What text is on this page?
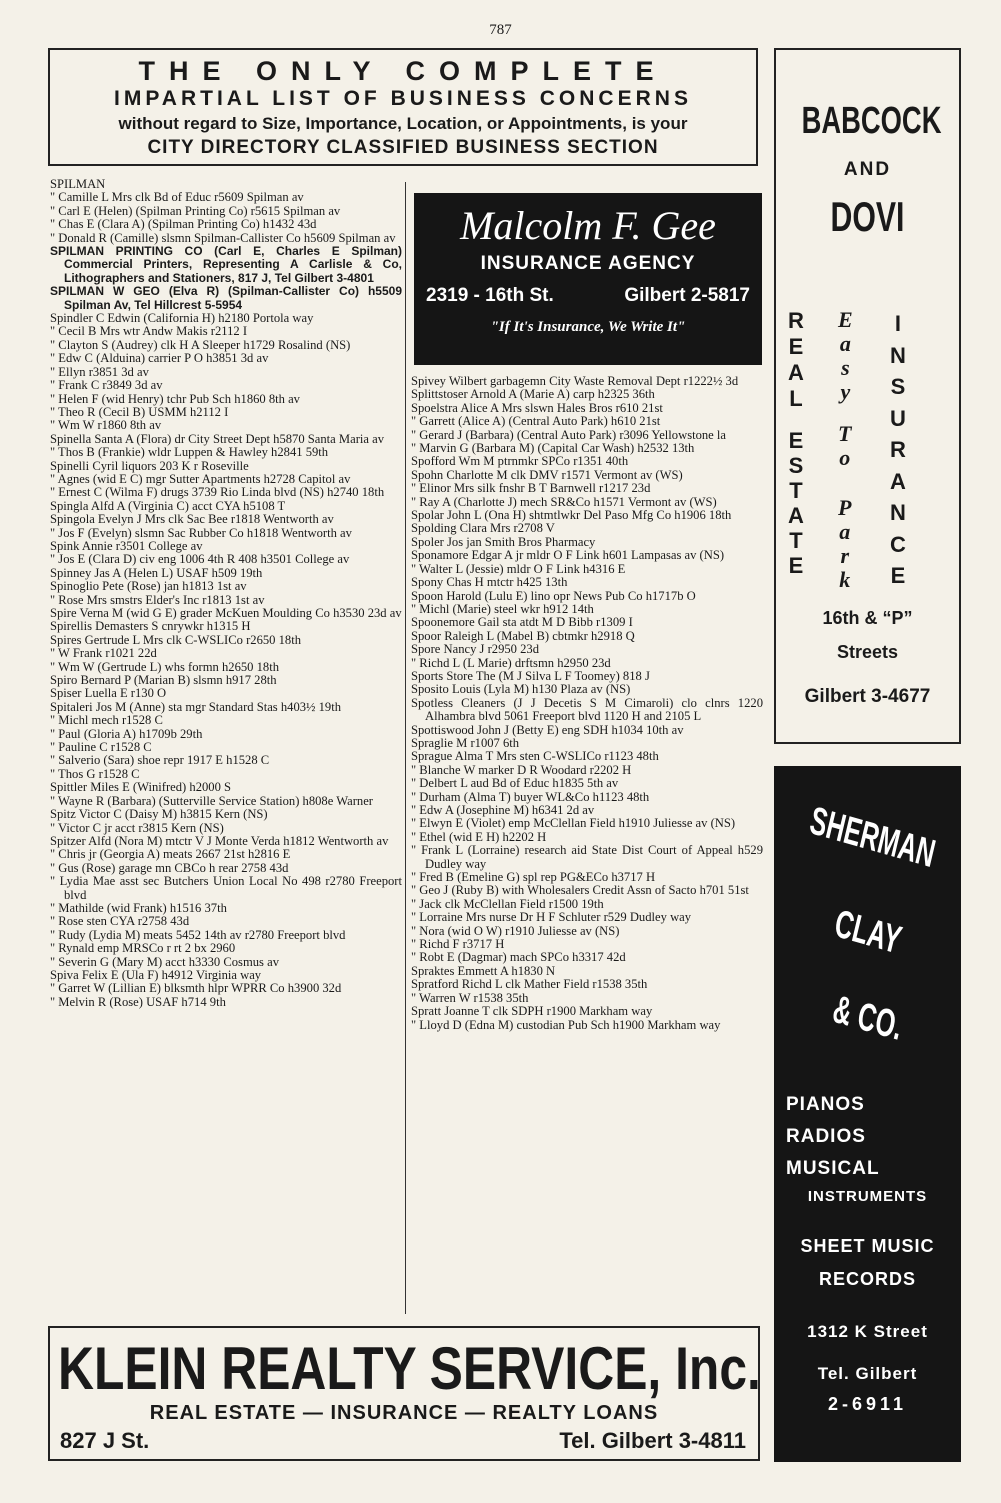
787
THE ONLY COMPLETE
IMPARTIAL LIST OF BUSINESS CONCERNS
without regard to Size, Importance, Location, or Appointments, is your
CITY DIRECTORY CLASSIFIED BUSINESS SECTION
SPILMAN
" Camille L Mrs clk Bd of Educ r5609 Spilman av
" Carl E (Helen) (Spilman Printing Co) r5615 Spilman av
" Chas E (Clara A) (Spilman Printing Co) h1432 43d
" Donald R (Camille) slsmn Spilman-Callister Co h5609 Spilman av
SPILMAN PRINTING CO (Carl E, Charles E Spilman) Commercial Printers, Representing A Carlisle & Co, Lithographers and Stationers, 817 J, Tel Gilbert 3-4801
SPILMAN W GEO (Elva R) (Spilman-Callister Co) h5509 Spilman Av, Tel Hillcrest 5-5954
Spindler C Edwin (California H) h2180 Portola way
" Cecil B Mrs wtr Andw Makis r2112 I
" Clayton S (Audrey) clk H A Sleeper h1729 Rosalind (NS)
" Edw C (Alduina) carrier P O h3851 3d av
" Ellyn r3851 3d av
" Frank C r3849 3d av
" Helen F (wid Henry) tchr Pub Sch h1860 8th av
" Theo R (Cecil B) USMM h2112 I
" Wm W r1860 8th av
Spinella Santa A (Flora) dr City Street Dept h5870 Santa Maria av
" Thos B (Frankie) wldr Luppen & Hawley h2841 59th
Spinelli Cyril liquors 203 K r Roseville
" Agnes (wid E C) mgr Sutter Apartments h2728 Capitol av
" Ernest C (Wilma F) drugs 3739 Rio Linda blvd (NS) h2740 18th
Spingla Alfd A (Virginia C) acct CYA h5108 T
Spingola Evelyn J Mrs clk Sac Bee r1818 Wentworth av
" Jos F (Evelyn) slsmn Sac Rubber Co h1818 Wentworth av
Spink Annie r3501 College av
" Jos E (Clara D) civ eng 1006 4th R 408 h3501 College av
Spinney Jas A (Helen L) USAF h509 19th
Spinoglio Pete (Rose) jan h1813 1st av
" Rose Mrs smstrs Elder's Inc r1813 1st av
Spire Verna M (wid G E) grader McKuen Moulding Co h3530 23d av
Spirellis Demasters S cnrywkr h1315 H
Spires Gertrude L Mrs clk C-WSLICo r2650 18th
" W Frank r1021 22d
" Wm W (Gertrude L) whs formn h2650 18th
Spiro Bernard P (Marian B) slsmn h917 28th
Spiser Luella E r130 O
Spitaleri Jos M (Anne) sta mgr Standard Stas h403½ 19th
" Michl mech r1528 C
" Paul (Gloria A) h1709b 29th
" Pauline C r1528 C
" Salverio (Sara) shoe repr 1917 E h1528 C
" Thos G r1528 C
Spittler Miles E (Winifred) h2000 S
" Wayne R (Barbara) (Sutterville Service Station) h808e Warner
Spitz Victor C (Daisy M) h3815 Kern (NS)
" Victor C jr acct r3815 Kern (NS)
Spitzer Alfd (Nora M) mtctr V J Monte Verda h1812 Wentworth av
" Chris jr (Georgia A) meats 2667 21st h2816 E
" Gus (Rose) garage mn CBCo h rear 2758 43d
" Lydia Mae asst sec Butchers Union Local No 498 r2780 Freeport blvd
" Mathilde (wid Frank) h1516 37th
" Rose sten CYA r2758 43d
" Rudy (Lydia M) meats 5452 14th av r2780 Freeport blvd
" Rynald emp MRSCo r rt 2 bx 2960
" Severin G (Mary M) acct h3330 Cosmus av
Spiva Felix E (Ula F) h4912 Virginia way
" Garret W (Lillian E) blksmth hlpr WPRR Co h3900 32d
" Melvin R (Rose) USAF h714 9th
Malcolm F. Gee
INSURANCE AGENCY
2319 - 16th St.	Gilbert 2-5817
"If It's Insurance, We Write It"
Spivey Wilbert garbagemn City Waste Removal Dept r1222½ 3d
Splittstoser Arnold A (Marie A) carp h2325 36th
Spoelstra Alice A Mrs slswn Hales Bros r610 21st
" Garrett (Alice A) (Central Auto Park) h610 21st
" Gerard J (Barbara) (Central Auto Park) r3096 Yellowstone la
" Marvin G (Barbara M) (Capital Car Wash) h2532 13th
Spofford Wm M ptrnmkr SPCo r1351 40th
Spohn Charlotte M clk DMV r1571 Vermont av (WS)
" Elinor Mrs silk fnshr B T Barnwell r1217 23d
" Ray A (Charlotte J) mech SR&Co h1571 Vermont av (WS)
Spolar John L (Ona H) shtmtlwkr Del Paso Mfg Co h1906 18th
Spolding Clara Mrs r2708 V
Spoler Jos jan Smith Bros Pharmacy
Sponamore Edgar A jr mldr O F Link h601 Lampasas av (NS)
" Walter L (Jessie) mldr O F Link h4316 E
Spony Chas H mtctr h425 13th
Spoon Harold (Lulu E) lino opr News Pub Co h1717b O
" Michl (Marie) steel wkr h912 14th
Spoonemore Gail sta atdt M D Bibb r1309 I
Spoor Raleigh L (Mabel B) cbtmkr h2918 Q
Spore Nancy J r2950 23d
" Richd L (L Marie) drftsmn h2950 23d
Sports Store The (M J Silva L F Toomey) 818 J
Sposito Louis (Lyla M) h130 Plaza av (NS)
Spotless Cleaners (J J Decetis S M Cimaroli) clo clnrs 1220 Alhambra blvd 5061 Freeport blvd 1120 H and 2105 L
Spottiswood John J (Betty E) eng SDH h1034 10th av
Spraglie M r1007 6th
Sprague Alma T Mrs sten C-WSLICo r1123 48th
" Blanche W marker D R Woodard r2202 H
" Delbert L aud Bd of Educ h1835 5th av
" Durham (Alma T) buyer WL&Co h1123 48th
" Edw A (Josephine M) h6341 2d av
" Elwyn E (Violet) emp McClellan Field h1910 Juliesse av (NS)
" Ethel (wid E H) h2202 H
" Frank L (Lorraine) research aid State Dist Court of Appeal h529 Dudley way
" Fred B (Emeline G) spl rep PG&ECo h3717 H
" Geo J (Ruby B) with Wholesalers Credit Assn of Sacto h701 51st
" Jack clk McClellan Field r1500 19th
" Lorraine Mrs nurse Dr H F Schluter r529 Dudley way
" Nora (wid O W) r1910 Juliesse av (NS)
" Richd F r3717 H
" Robt E (Dagmar) mach SPCo h3317 42d
Spraktes Emmett A h1830 N
Spratford Richd L clk Mather Field r1538 35th
" Warren W r1538 35th
Spratt Joanne T clk SDPH r1900 Markham way
" Lloyd D (Edna M) custodian Pub Sch h1900 Markham way
BABCOCK
AND
DOVI
R
E
A
L
E
S
T
A
T
E
E
a
s
y
T
o
P
a
r
k
I
N
S
U
R
A
N
C
E
16th & “P”
Streets
Gilbert 3-4677
SHERMAN
CLAY
& CO.
PIANOS
RADIOS
MUSICAL
INSTRUMENTS
SHEET MUSIC
RECORDS
1312 K Street
Tel. Gilbert
2-6911
KLEIN REALTY SERVICE, Inc.
REAL ESTATE — INSURANCE — REALTY LOANS
827 J St.	Tel. Gilbert 3-4811
